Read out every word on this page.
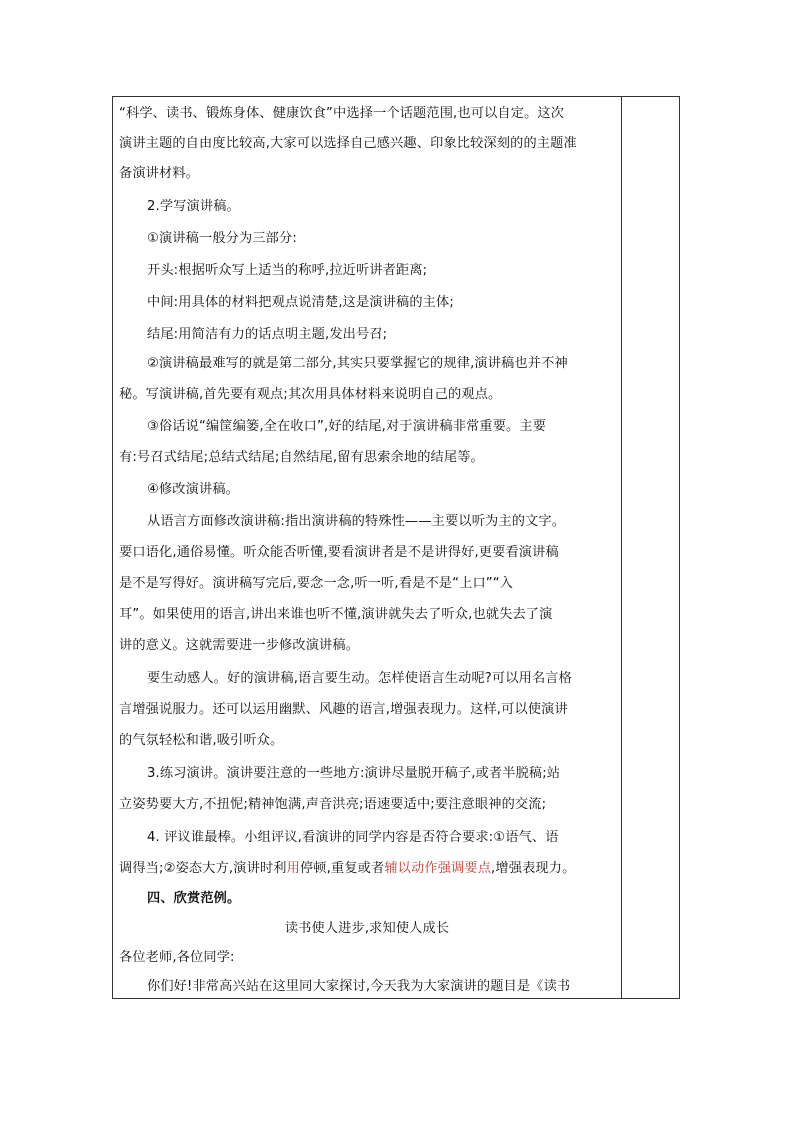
“科学、读书、锻炼身体、健康饮食”中选择一个话题范围,也可以自定。这次
演讲主题的自由度比较高,大家可以选择自己感兴趣、印象比较深刻的的主题准
备演讲材料。
2.学写演讲稿。
①演讲稿一般分为三部分:
开头:根据听众写上适当的称呼,拉近听讲者距离;
中间:用具体的材料把观点说清楚,这是演讲稿的主体;
结尾:用简洁有力的话点明主题,发出号召;
②演讲稿最难写的就是第二部分,其实只要掌握它的规律,演讲稿也并不神
秘。写演讲稿,首先要有观点;其次用具体材料来说明自己的观点。
③俗话说“编筐编篓,全在收口”,好的结尾,对于演讲稿非常重要。主要
有:号召式结尾;总结式结尾;自然结尾,留有思索余地的结尾等。
④修改演讲稿。
从语言方面修改演讲稿:指出演讲稿的特殊性——主要以听为主的文字。
要口语化,通俗易懂。听众能否听懂,要看演讲者是不是讲得好,更要看演讲稿
是不是写得好。演讲稿写完后,要念一念,听一听,看是不是“上口”“入
耳”。如果使用的语言,讲出来谁也听不懂,演讲就失去了听众,也就失去了演
讲的意义。这就需要进一步修改演讲稿。
要生动感人。好的演讲稿,语言要生动。怎样使语言生动呢?可以用名言格
言增强说服力。还可以运用幽默、风趣的语言,增强表现力。这样,可以使演讲
的气氛轻松和谐,吸引听众。
3.练习演讲。演讲要注意的一些地方:演讲尽量脱开稿子,或者半脱稿;站
立姿势要大方,不扭怩;精神饱满,声音洪亮;语速要适中;要注意眼神的交流;
4. 评议谁最棒。小组评议,看演讲的同学内容是否符合要求:①语气、语
调得当;②姿态大方,演讲时利用停顿,重复或者辅以动作强调要点,增强表现力。
四、欣赏范例。
读书使人进步,求知使人成长
各位老师,各位同学:
你们好!非常高兴站在这里同大家探讨,今天我为大家演讲的题目是《读书
